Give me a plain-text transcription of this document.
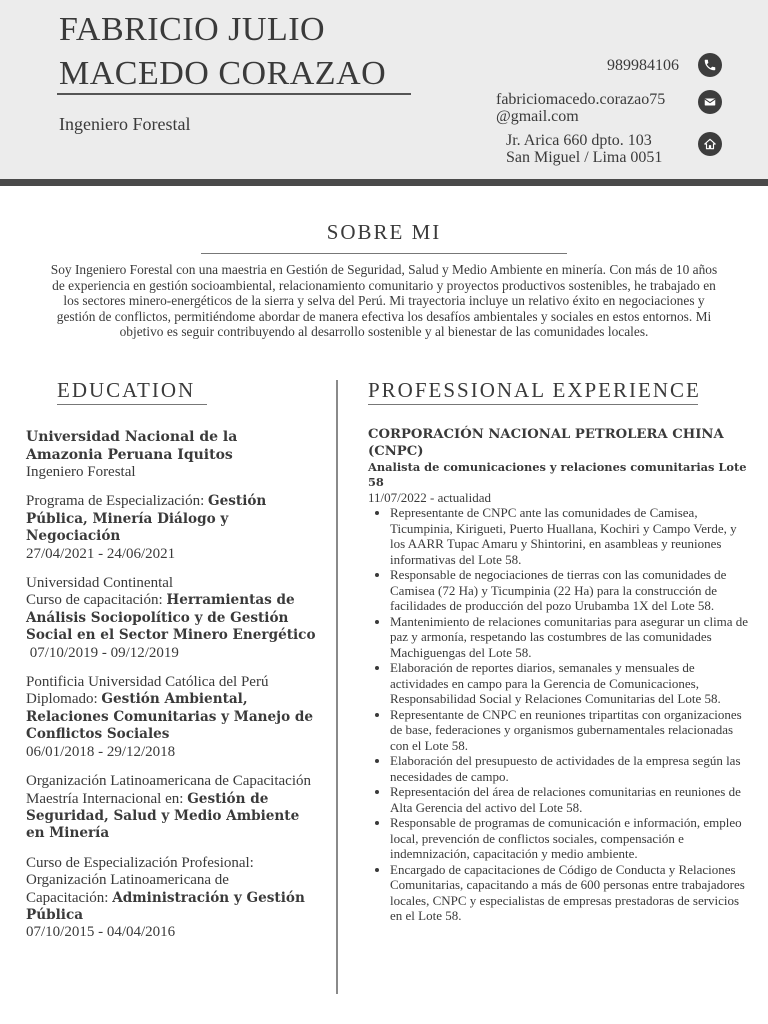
FABRICIO JULIO
MACEDO CORAZAO
Ingeniero Forestal
989984106
fabriciomacedo.corazao75
@gmail.com
Jr. Arica 660 dpto. 103
San Miguel / Lima 0051
SOBRE MI
Soy Ingeniero Forestal con una maestria en Gestión de Seguridad, Salud y Medio Ambiente en minería. Con más de 10 años de experiencia en gestión socioambiental, relacionamiento comunitario y proyectos productivos sostenibles, he trabajado en los sectores minero-energéticos de la sierra y selva del Perú. Mi trayectoria incluye un relativo éxito en negociaciones y gestión de conflictos, permitiéndome abordar de manera efectiva los desafíos ambientales y sociales en estos entornos. Mi objetivo es seguir contribuyendo al desarrollo sostenible y al bienestar de las comunidades locales.
EDUCATION
Universidad Nacional de la Amazonia Peruana Iquitos
Ingeniero Forestal
Programa de Especialización: Gestión Pública, Minería Diálogo y Negociación
27/04/2021 - 24/06/2021
Universidad Continental
Curso de capacitación: Herramientas de Análisis Sociopolítico y de Gestión Social en el Sector Minero Energético
07/10/2019 - 09/12/2019
Pontificia Universidad Católica del Perú
Diplomado: Gestión Ambiental, Relaciones Comunitarias y Manejo de Conflictos Sociales
06/01/2018 - 29/12/2018
Organización Latinoamericana de Capacitación
Maestría Internacional en: Gestión de Seguridad, Salud y Medio Ambiente en Minería
Curso de Especialización Profesional: Organización Latinoamericana de
Capacitación: Administración y Gestión Pública
07/10/2015 - 04/04/2016
PROFESSIONAL EXPERIENCE
CORPORACIÓN NACIONAL PETROLERA CHINA (CNPC)
Analista de comunicaciones y relaciones comunitarias Lote 58
11/07/2022 - actualidad
• Representante de CNPC ante las comunidades de Camisea, Ticumpinia, Kirigueti, Puerto Huallana, Kochiri y Campo Verde, y los AARR Tupac Amaru y Shintorini, en asambleas y reuniones informativas del Lote 58.
• Responsable de negociaciones de tierras con las comunidades de Camisea (72 Ha) y Ticumpinia (22 Ha) para la construcción de facilidades de producción del pozo Urubamba 1X del Lote 58.
• Mantenimiento de relaciones comunitarias para asegurar un clima de paz y armonía, respetando las costumbres de las comunidades Machiguengas del Lote 58.
• Elaboración de reportes diarios, semanales y mensuales de actividades en campo para la Gerencia de Comunicaciones, Responsabilidad Social y Relaciones Comunitarias del Lote 58.
• Representante de CNPC en reuniones tripartitas con organizaciones de base, federaciones y organismos gubernamentales relacionadas con el Lote 58.
• Elaboración del presupuesto de actividades de la empresa según las necesidades de campo.
• Representación del área de relaciones comunitarias en reuniones de Alta Gerencia del activo del Lote 58.
• Responsable de programas de comunicación e información, empleo local, prevención de conflictos sociales, compensación e indemnización, capacitación y medio ambiente.
• Encargado de capacitaciones de Código de Conducta y Relaciones Comunitarias, capacitando a más de 600 personas entre trabajadores locales, CNPC y especialistas de empresas prestadoras de servicios en el Lote 58.
